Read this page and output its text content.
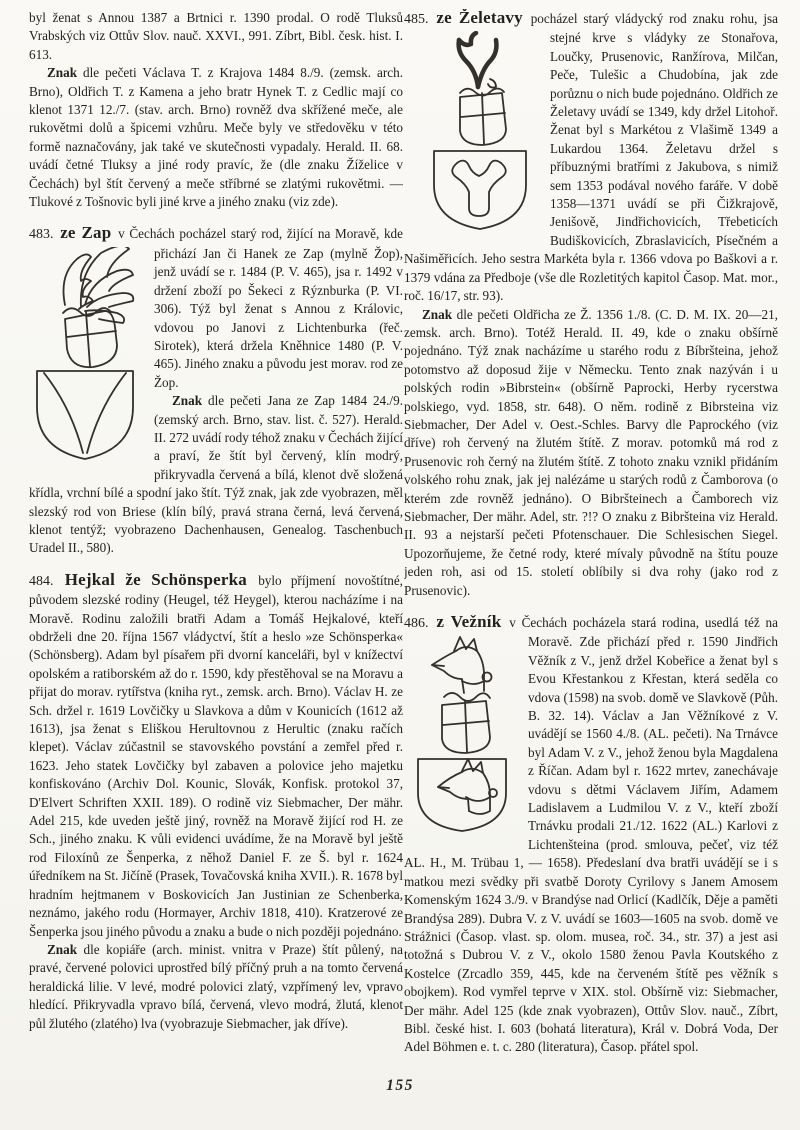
byl ženat s Annou 1387 a Brtnici r. 1390 prodal. O rodě Tluksů Vrabských viz Ottův Slov. nauč. XXVI., 991. Zíbrt, Bibl. česk. hist. I. 613.

Znak dle pečeti Václava T. z Krajova 1484 8./9. (zemsk. arch. Brno), Oldřich T. z Kamena a jeho bratr Hynek T. z Cedlic mají co klenot 1371 12./7. (stav. arch. Brno) rovněž dva skřížené meče, ale rukovětmi dolů a špicemi vzhůru. Meče byly ve středověku v této formě naznačovány, jak také ve skutečnosti vypadaly. Herald. II. 68. uvádí četné Tluksy a jiné rody pravíc, že (dle znaku Žíželice v Čechách) byl štít červený a meče stříbrné se zlatými rukovětmi. — Tlukové z Tošnovic byli jiné krve a jiného znaku (viz zde).

483. ze Zap v Čechách pocházel starý rod, žijící na Moravě, kde přichází Jan či Hanek ze Zap (mylně Žop), jenž uvádí se r. 1484 (P. V. 465), jsa r. 1492 v držení zboží po Šekeci z Rýznburka (P. VI. 306). Týž byl ženat s Annou z Královic, vdovou po Janovi z Lichtenburka (řeč. Sirotek), která držela Kněhnice 1480 (P. V. 465). Jiného znaku a původu jest morav. rod ze Žop.

Znak dle pečeti Jana ze Zap 1484 24./9. (zemský arch. Brno, stav. list. č. 527). Herald. II. 272 uvádí rody téhož znaku v Čechách žijící a praví, že štít byl červený, klín modrý, přikryvadla červená a bílá, klenot dvě složená křídla, vrchní bílé a spodní jako štít. Týž znak, jak zde vyobrazen, měl slezský rod von Briese (klín bílý, pravá strana černá, levá červená, klenot tentýž; vyobrazeno Dachenhausen, Genealog. Taschenbuch Uradel II., 580).

484. Hejkal že Schönsperka bylo příjmení novoštítné, původem slezské rodiny (Heugel, též Heygel), kterou nacházíme i na Moravě. Rodinu založili bratři Adam a Tomáš Hejkalové, kteří obdrželi dne 20. října 1567 vládyctví, štít a heslo »ze Schönsperka« (Schönsberg). Adam byl písařem při dvorní kanceláři, byl v knížectví opolském a ratiborském až do r. 1590, kdy přestěhoval se na Moravu a přijat do morav. rytířstva (kniha ryt., zemsk. arch. Brno). Václav H. ze Sch. držel r. 1619 Lovčičky u Slavkova a dům v Kounicích (1612 až 1613), jsa ženat s Eliškou Herultovnou z Herultic (znaku račích klepet). Václav zúčastnil se stavovského povstání a zemřel před r. 1623. Jeho statek Lovčičky byl zabaven a polovice jeho majetku konfiskováno (Archiv Dol. Kounic, Slovák, Konfisk. protokol 37, D'Elvert Schriften XXII. 189). O rodině viz Siebmacher, Der mähr. Adel 215, kde uveden ještě jiný, rovněž na Moravě žijící rod H. ze Sch., jiného znaku. K vůli evidenci uvádíme, že na Moravě byl ještě rod Filoxínů ze Šenperka, z něhož Daniel F. ze Š. byl r. 1624 úředníkem na St. Jičíně (Prasek, Tovačovská kniha XVII.). R. 1678 byl hradním hejtmanem v Boskovicích Jan Justinian ze Schenberka, neznámo, jakého rodu (Hormayer, Archiv 1818, 410). Kratzerové ze Šenperka jsou jiného původu a znaku a bude o nich později pojednáno.

Znak dle kopiáře (arch. minist. vnitra v Praze) štít půlený, na pravé, červené polovici uprostřed bílý příčný pruh a na tomto červená heraldická lilie. V levé, modré polovici zlatý, vzpřímený lev, vpravo hledící. Přikryvadla vpravo bílá, červená, vlevo modrá, žlutá, klenot půl žlutého (zlatého) lva (vyobrazuje Siebmacher, jak dříve).

485. ze Želetavy pocházel starý vládycký rod znaku rohu, jsa stejné krve s vládyky ze Stonařova, Loučky, Prusenovic, Ranžírova, Milčan, Peče, Tulešic a Chudobína, jak zde porůznu o nich bude pojednáno. Oldřich ze Želetavy uvádí se 1349, kdy držel Litohoř. Ženat byl s Markétou z Vlašimě 1349 a Lukardou 1364. Želetavu držel s příbuznými bratřími z Jakubova, s nimiž sem 1353 podával nového faráře. V době 1358—1371 uvádí se při Čižkrajově, Jenišově, Jindřichovicích, Třebeticích Budiškovicích, Zbraslavicích, Písečném a Našiměřicích. Jeho sestra Markéta byla r. 1366 vdova po Baškovi a r. 1379 vdána za Předboje (vše dle Rozletitých kapitol Časop. Mat. mor., roč. 16/17, str. 93).

Znak dle pečeti Oldřicha ze Ž. 1356 1./8. (C. D. M. IX. 20—21, zemsk. arch. Brno). Totéž Herald. II. 49, kde o znaku obšírně pojednáno. Týž znak nacházíme u starého rodu z Bíbršteina, jehož potomstvo až doposud žije v Německu. Tento znak nazýván i u polských rodin »Bibrstein« (obšírně Paprocki, Herby rycerstwa polskiego, vyd. 1858, str. 648). O něm. rodině z Bibrsteina viz Siebmacher, Der Adel v. Oest.-Schles. Barvy dle Paprockého (viz dříve) roh červený na žlutém štítě. Z morav. potomků má rod z Prusenovic roh černý na žlutém štítě. Z tohoto znaku vznikl přidáním volského rohu znak, jak jej nalézáme u starých rodů z Čamborova (o kterém zde rovněž jednáno). O Bibršteinech a Čamborech viz Siebmacher, Der mähr. Adel, str. ?!? O znaku z Bibršteina viz Herald. II. 93 a nejstarší pečeti Pfotenschauer. Die Schlesischen Siegel. Upozorňujeme, že četné rody, které mívaly původně na štítu pouze jeden roh, asi od 15. století oblíbily si dva rohy (jako rod z Prusenovic).

486. z Vežník v Čechách pocházela stará rodina, usedlá též na Moravě. Zde přichází před r. 1590 Jindřich Věžník z V., jenž držel Kobeřice a ženat byl s Evou Křestankou z Křestan, která seděla co vdova (1598) na svob. domě ve Slavkově (Půh. B. 32. 14). Václav a Jan Věžníkové z V. uvádějí se 1560 4./8. (AL. pečeti). Na Trnávce byl Adam V. z V., jehož ženou byla Magdalena z Říčan. Adam byl r. 1622 mrtev, zanechávaje vdovu s dětmi Václavem Jiřím, Adamem Ladislavem a Ludmilou V. z V., kteří zboží Trnávku prodali 21./12. 1622 (AL.) Karlovi z Lichtenšteina (prod. smlouva, pečeť, viz též AL. H., M. Trübau 1, — 1658). Předeslaní dva bratři uvádějí se i s matkou mezi svědky při svatbě Doroty Cyrilovy s Janem Amosem Komenským 1624 3./9. v Brandýse nad Orlicí (Kadlčík, Děje a paměti Brandýsa 289). Dubra V. z V. uvádí se 1603—1605 na svob. domě ve Strážnici (Časop. vlast. sp. olom. musea, roč. 34., str. 37) a jest asi totožná s Dubrou V. z V., okolo 1580 ženou Pavla Koutského z Kostelce (Zrcadlo 359, 445, kde na červeném štítě pes věžník s obojkem). Rod vymřel teprve v XIX. stol. Obšírně viz: Siebmacher, Der mähr. Adel 125 (kde znak vyobrazen), Ottův Slov. nauč., Zíbrt, Bibl. české hist. I. 603 (bohatá literatura), Král v. Dobrá Voda, Der Adel Böhmen e. t. c. 280 (literatura), Časop. přátel spol.

155
